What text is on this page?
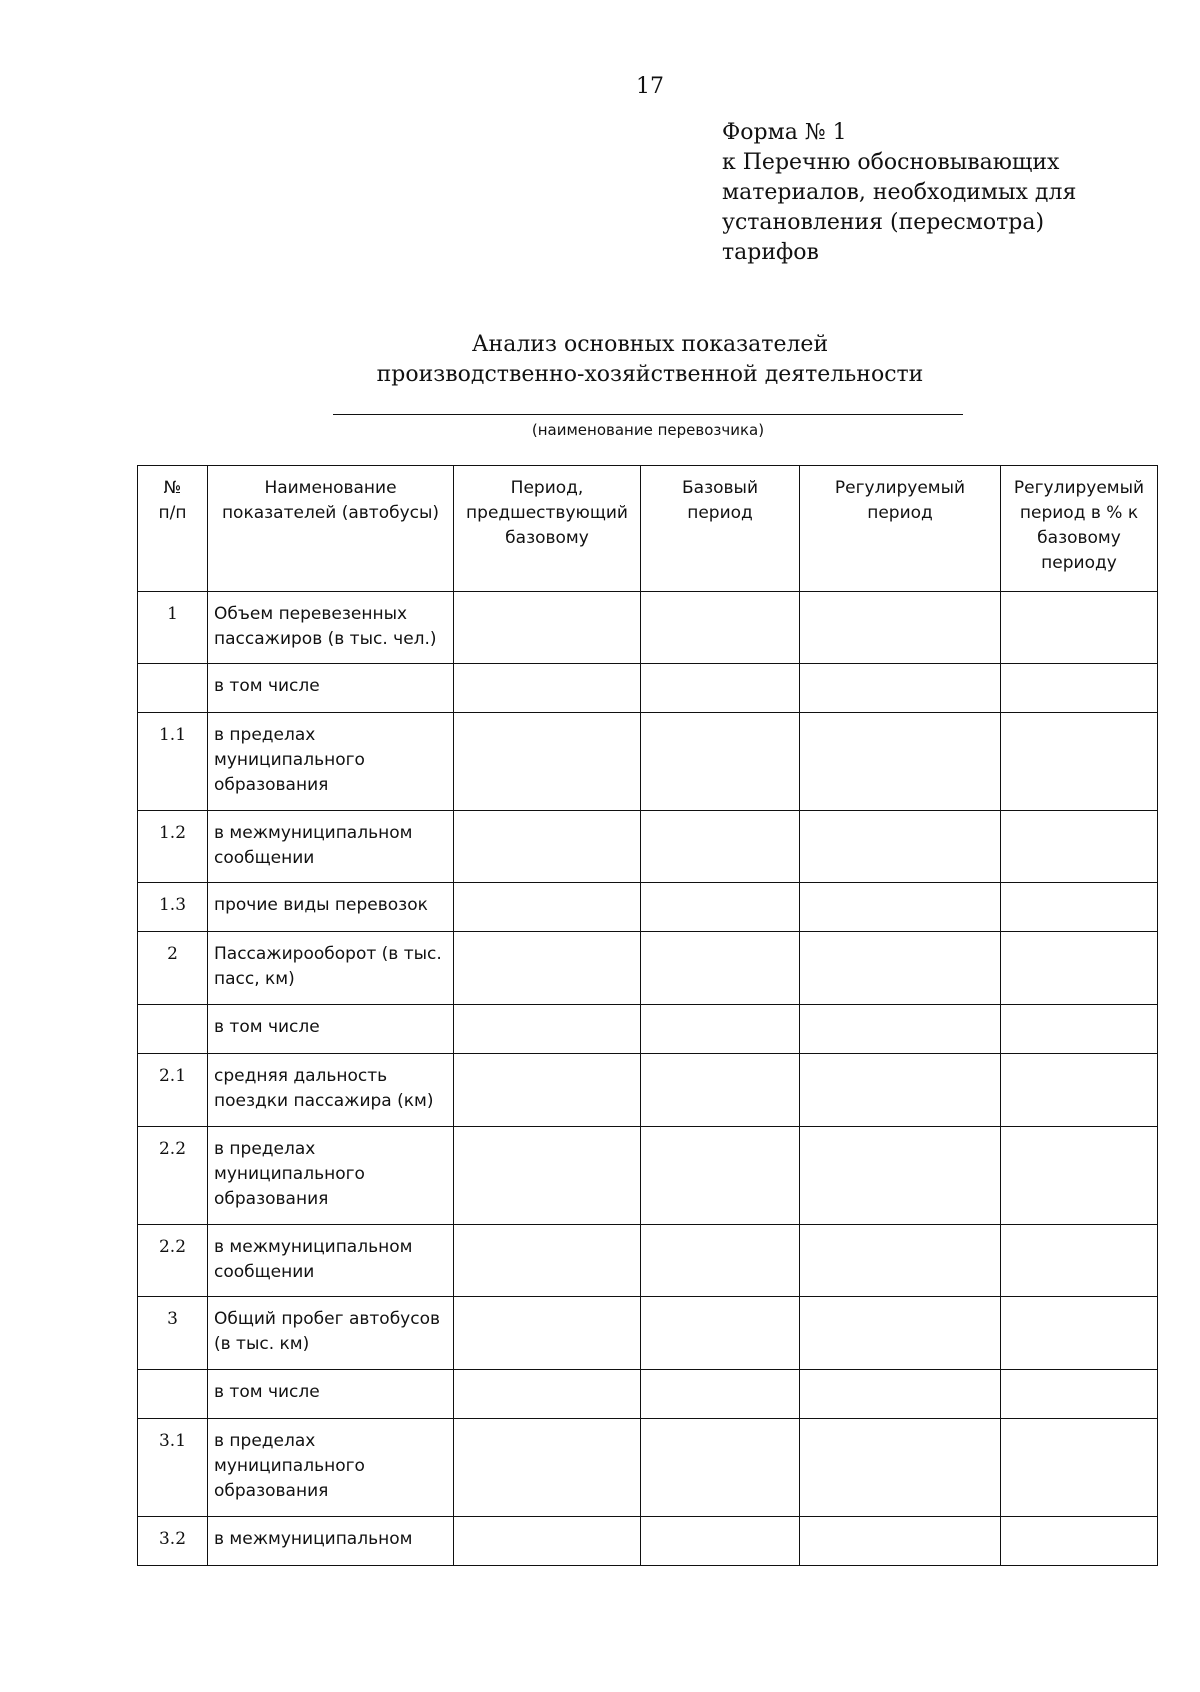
17
Форма № 1
к Перечню обосновывающих
материалов, необходимых для
установления (пересмотра)
тарифов
Анализ основных показателей
производственно-хозяйственной деятельности
(наименование перевозчика)
№
п/п	Наименование показателей (автобусы)	Период, предшествующий базовому	Базовый период	Регулируемый период	Регулируемый период в % к базовому периоду
1	Объем перевезенных пассажиров (в тыс. чел.)				
	в том числе				
1.1	в пределах муниципального образования				
1.2	в межмуниципальном сообщении				
1.3	прочие виды перевозок				
2	Пассажирооборот (в тыс. пасс, км)				
	в том числе				
2.1	средняя дальность поездки пассажира (км)				
2.2	в пределах муниципального образования				
2.2	в межмуниципальном сообщении				
3	Общий пробег автобусов (в тыс. км)				
	в том числе				
3.1	в пределах муниципального образования				
3.2	в межмуниципальном				
